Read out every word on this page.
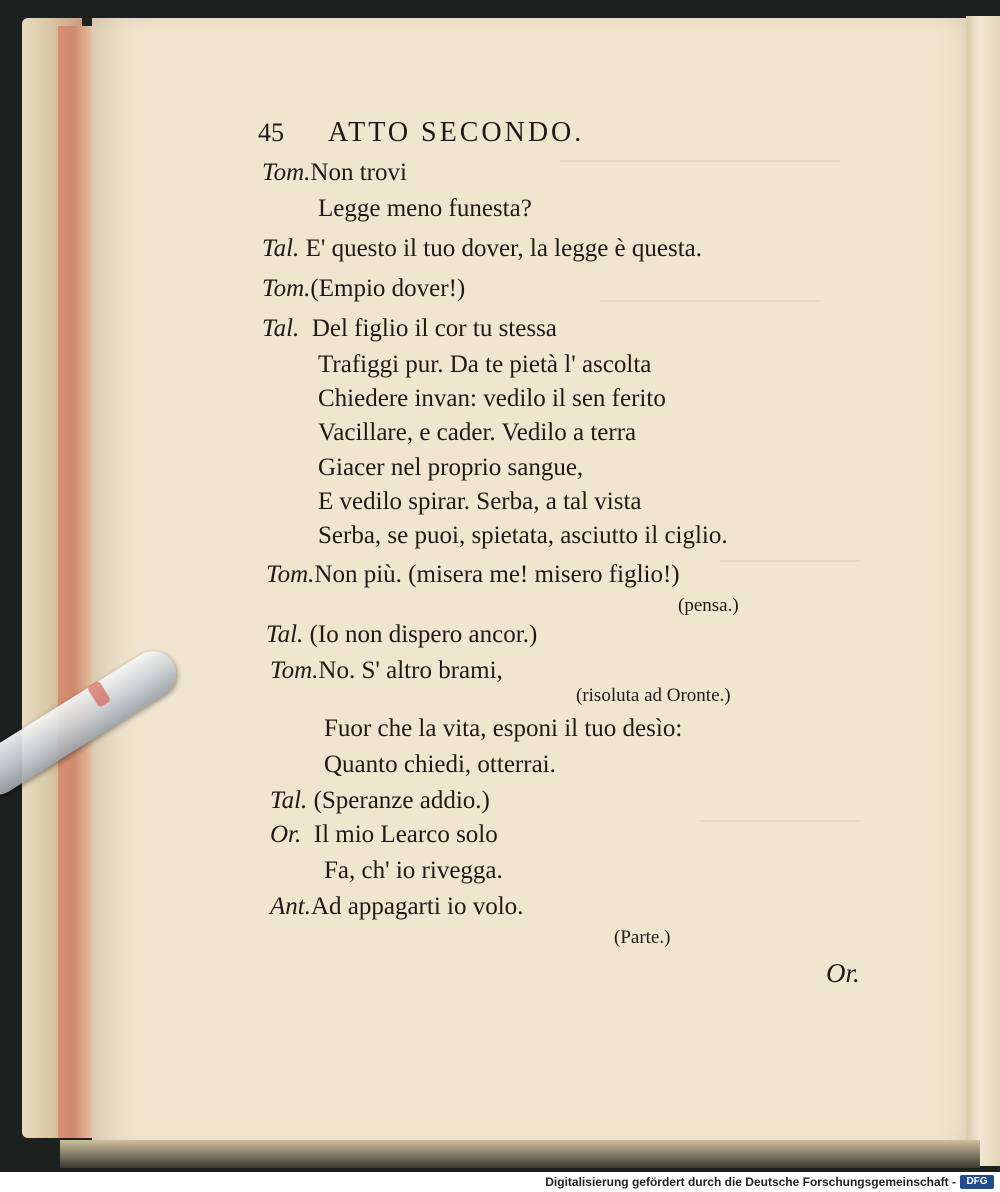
45 ATTO SECONDO.
Tom.Non trovi
Legge meno funesta?
Tal. E' questo il tuo dover, la legge è questa.
Tom.(Empio dover!)
Tal. Del figlio il cor tu stessa
Trafiggi pur. Da te pietà l' ascolta
Chiedere invan: vedilo il sen ferito
Vacillare, e cader. Vedilo a terra
Giacer nel proprio sangue,
E vedilo spirar. Serba, a tal vista
Serba, se puoi, spietata, asciutto il ciglio.
Tom.Non più. (misera me! misero figlio!)
(pensa.)
Tal. (Io non dispero ancor.)
Tom.No. S' altro brami,
(risoluta ad Oronte.)
Fuor che la vita, esponi il tuo desìo:
Quanto chiedi, otterrai.
Tal. (Speranze addio.)
Or. Il mio Learco solo
Fa, ch' io rivegga.
Ant.Ad appagarti io volo.
(Parte.)
Or.
Digitalisierung gefördert durch die Deutsche Forschungsgemeinschaft -	DFG
